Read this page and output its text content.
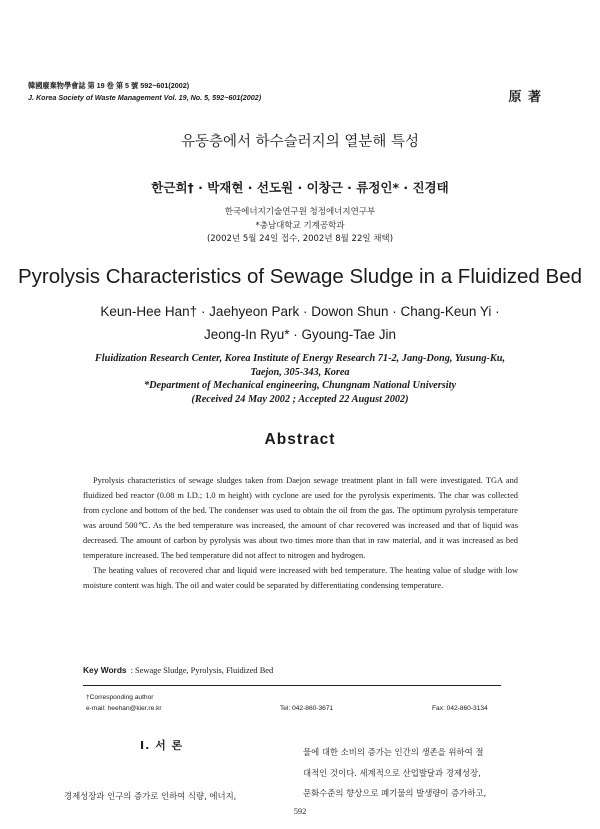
韓國廢棄物學會誌 第 19 卷 第 5 號 592~601(2002)
J. Korea Society of Waste Management Vol. 19, No. 5, 592~601(2002)	原 著
유동층에서 하수슬러지의 열분해 특성
한근희† · 박재현 · 선도원 · 이창근 · 류정인* · 진경태
한국에너지기술연구원 청정에너지연구부
*충남대학교 기계공학과
(2002년 5월 24일 접수, 2002년 8월 22일 채택)
Pyrolysis Characteristics of Sewage Sludge in a Fluidized Bed
Keun-Hee Han† · Jaehyeon Park · Dowon Shun · Chang-Keun Yi ·
Jeong-In Ryu* · Gyoung-Tae Jin
Fluidization Research Center, Korea Institute of Energy Research 71-2, Jang-Dong, Yusung-Ku,
Taejon, 305-343, Korea
*Department of Mechanical engineering, Chungnam National University
(Received 24 May 2002 ; Accepted 22 August 2002)
Abstract

Pyrolysis characteristics of sewage sludges taken from Daejon sewage treatment plant in fall were investigated. TGA and fluidized bed reactor (0.08 m I.D.; 1.0 m height) with cyclone are used for the pyrolysis experiments. The char was collected from cyclone and bottom of the bed. The condenser was used to obtain the oil from the gas. The optimum pyrolysis temperature was around 500℃. As the bed temperature was increased, the amount of char recovered was increased and that of liquid was decreased. The amount of carbon by pyrolysis was about two times more than that in raw material, and it was increased as bed temperature increased. The bed temperature did not affect to nitrogen and hydrogen.

The heating values of recovered char and liquid were increased with bed temperature. The heating value of sludge with low moisture content was high. The oil and water could be separated by differentiating condensing temperature.

Key Words : Sewage Sludge, Pyrolysis, Fluidized Bed
†Corresponding author
e-mail: heehan@kier.re.kr	Tel: 042-860-3671	Fax: 042-860-3134
Ⅰ. 서 론
경제성장과 인구의 증가로 인하여 식량, 에너지,
물에 대한 소비의 증가는 인간의 생존을 위하여 절
대적인 것이다. 세계적으로 산업발달과 경제성장,
문화수준의 향상으로 폐기물의 발생량이 증가하고,
592
